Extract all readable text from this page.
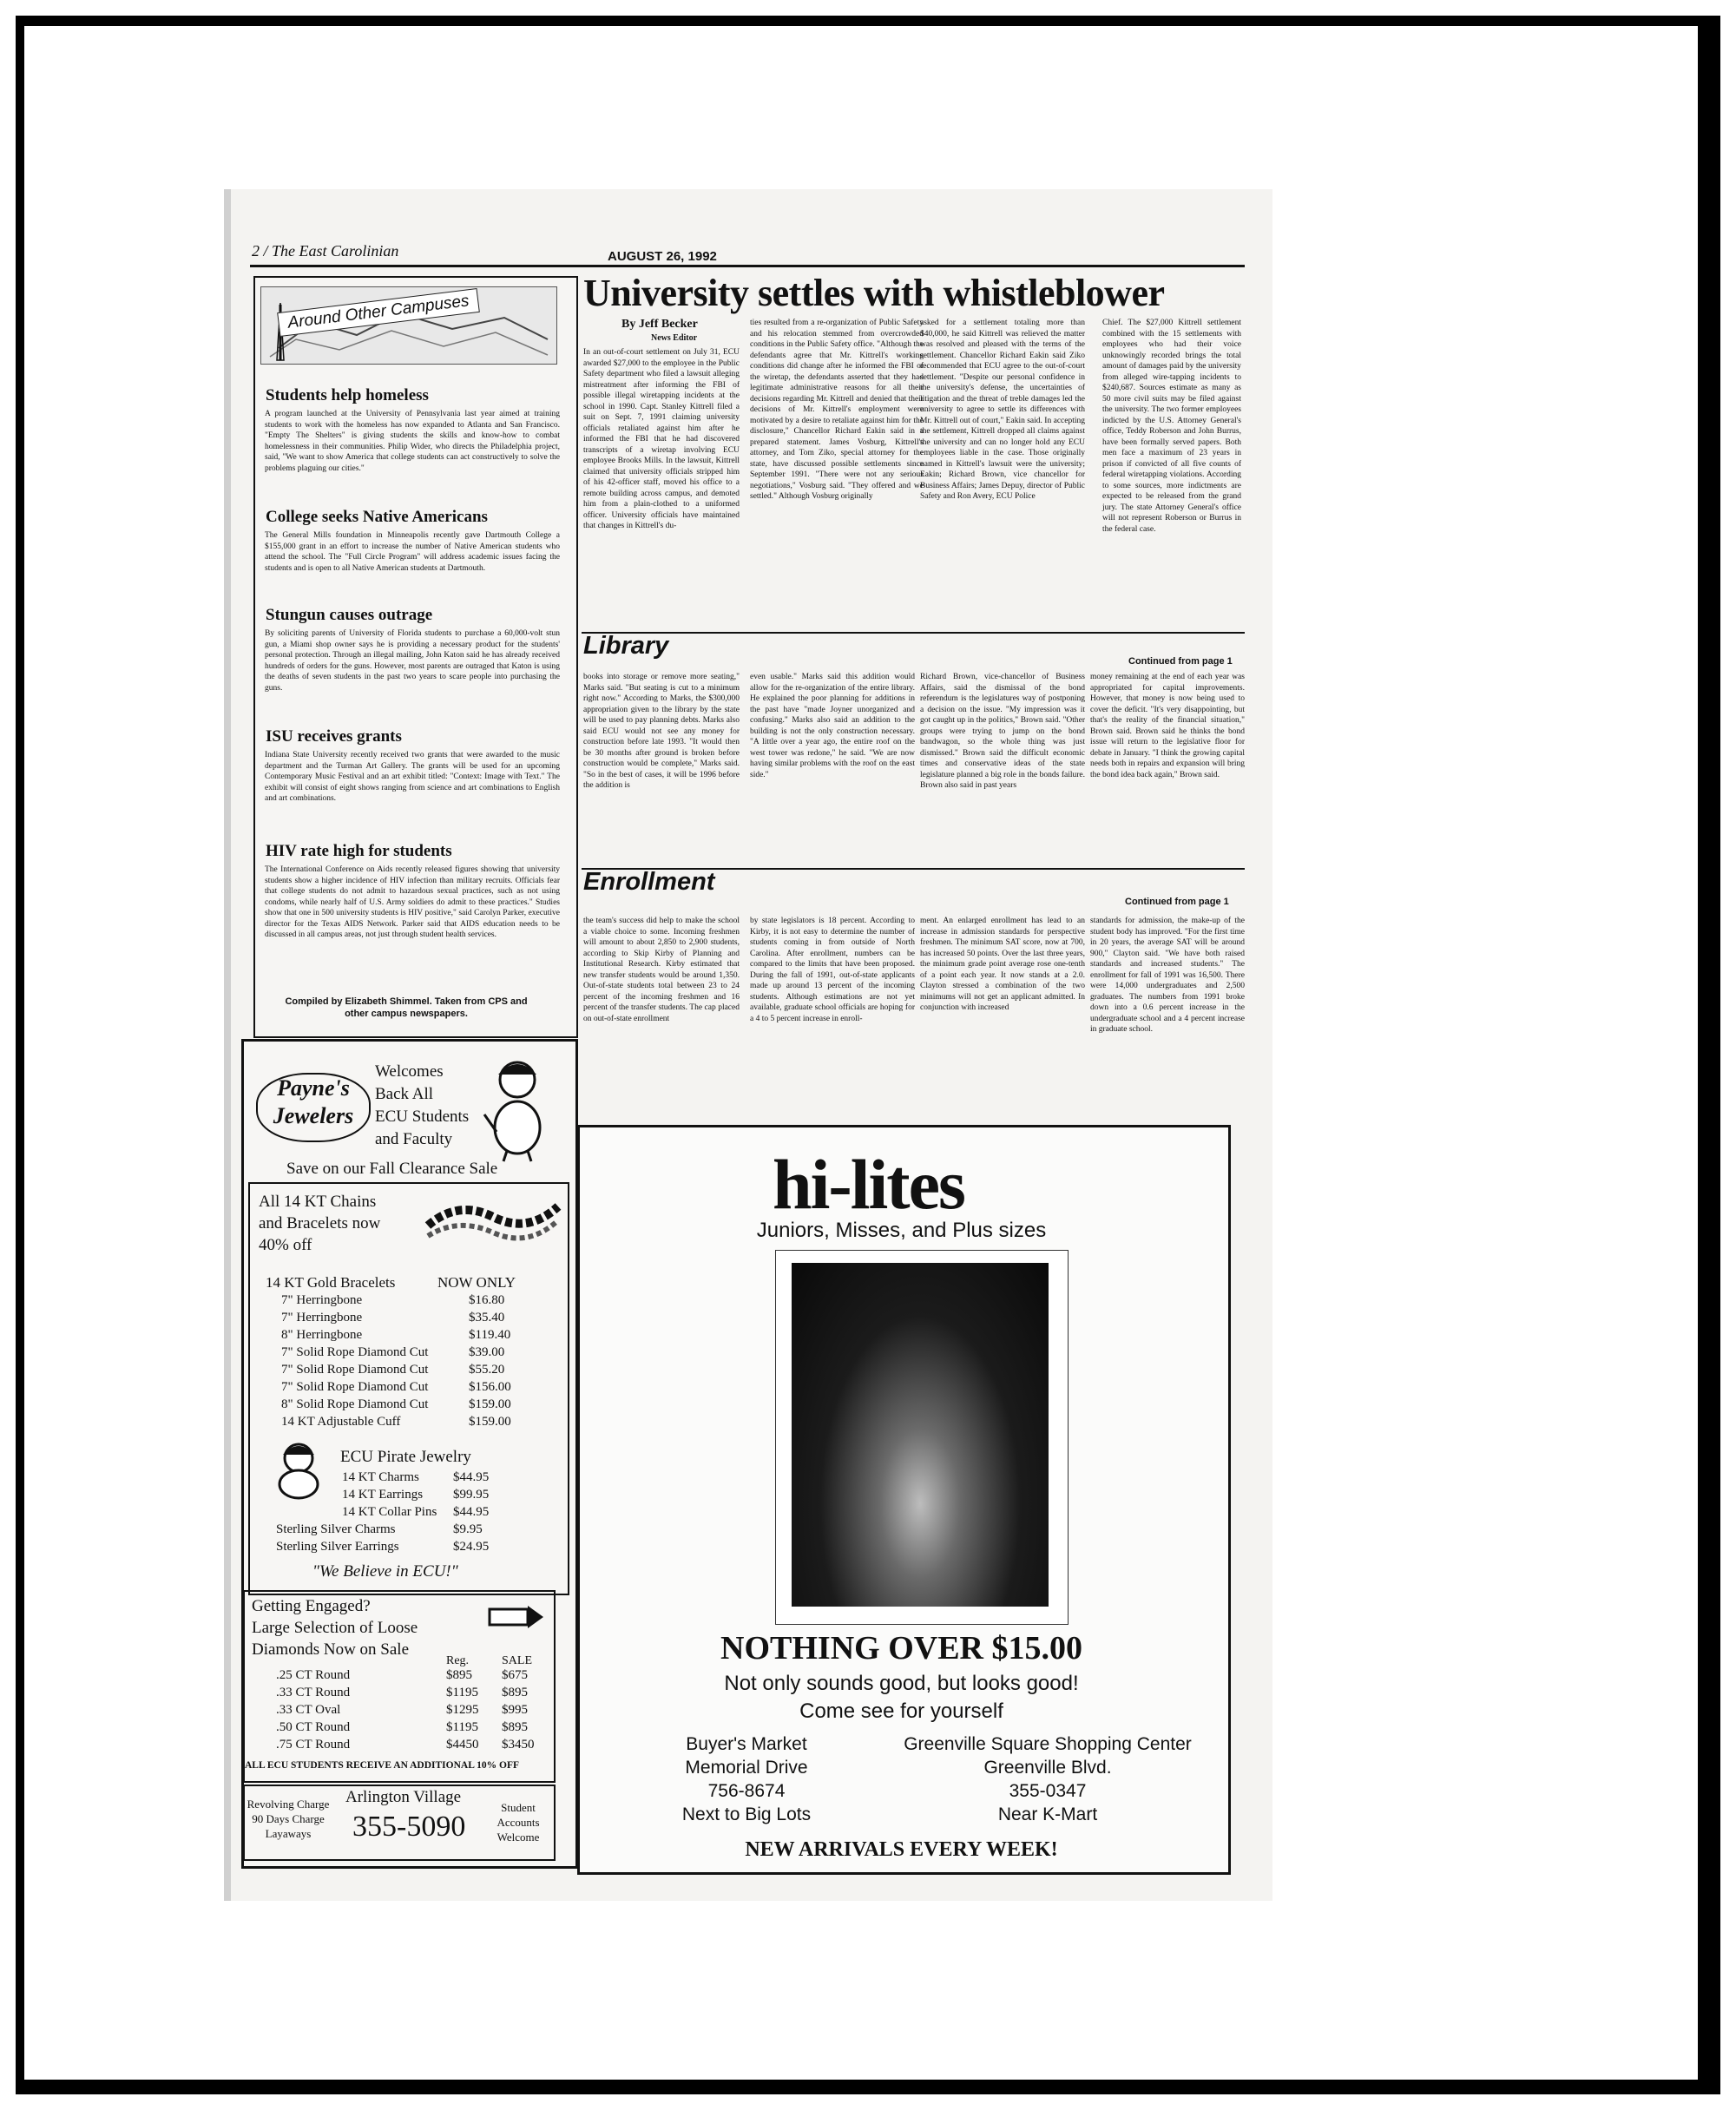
2 / The East Carolinian	AUGUST 26, 1992
Around Other Campuses
Students help homeless
A program launched at the University of Pennsylvania last year aimed at training students to work with the homeless has now expanded to Atlanta and San Francisco. "Empty The Shelters" is giving students the skills and know-how to combat homelessness in their communities. Philip Wider, who directs the Philadelphia project, said, "We want to show America that college students can act constructively to solve the problems plaguing our cities."
College seeks Native Americans
The General Mills foundation in Minneapolis recently gave Dartmouth College a $155,000 grant in an effort to increase the number of Native American students who attend the school. The "Full Circle Program" will address academic issues facing the students and is open to all Native American students at Dartmouth.
Stungun causes outrage
By soliciting parents of University of Florida students to purchase a 60,000-volt stun gun, a Miami shop owner says he is providing a necessary product for the students' personal protection. Through an illegal mailing, John Katon said he has already received hundreds of orders for the guns. However, most parents are outraged that Katon is using the deaths of seven students in the past two years to scare people into purchasing the guns.
ISU receives grants
Indiana State University recently received two grants that were awarded to the music department and the Turman Art Gallery. The grants will be used for an upcoming Contemporary Music Festival and an art exhibit titled: "Context: Image with Text." The exhibit will consist of eight shows ranging from science and art combinations to English and art combinations.
HIV rate high for students
The International Conference on Aids recently released figures showing that university students show a higher incidence of HIV infection than military recruits. Officials fear that college students do not admit to hazardous sexual practices, such as not using condoms, while nearly half of U.S. Army soldiers do admit to these practices." Studies show that one in 500 university students is HIV positive," said Carolyn Parker, executive director for the Texas AIDS Network. Parker said that AIDS education needs to be discussed in all campus areas, not just through student health services.
Compiled by Elizabeth Shimmel. Taken from CPS and other campus newspapers.
University settles with whistleblower
By Jeff Becker
News Editor
In an out-of-court settlement on July 31, ECU awarded $27,000 to the employee in the Public Safety department who filed a lawsuit alleging mistreatment after informing the FBI of possible illegal wiretapping incidents at the school in 1990. Capt. Stanley Kittrell filed a suit on Sept. 7, 1991 claiming university officials retaliated against him after he informed the FBI that he had discovered transcripts of a wiretap involving ECU employee Brooks Mills. In the lawsuit, Kittrell claimed that university officials stripped him of his 42-officer staff, moved his office to a remote building across campus, and demoted him from a plain-clothed to a uniformed officer. University officials have maintained that changes in Kittrell's du-
ties resulted from a re-organization of Public Safety and his relocation stemmed from overcrowded conditions in the Public Safety office. "Although the defendants agree that Mr. Kittrell's working conditions did change after he informed the FBI of the wiretap, the defendants asserted that they had legitimate administrative reasons for all their decisions regarding Mr. Kittrell and denied that their decisions of Mr. Kittrell's employment were motivated by a desire to retaliate against him for the disclosure," Chancellor Richard Eakin said in a prepared statement. James Vosburg, Kittrell's attorney, and Tom Ziko, special attorney for the state, have discussed possible settlements since September 1991. "There were not any serious negotiations," Vosburg said. "They offered and we settled." Although Vosburg originally
asked for a settlement totaling more than $40,000, he said Kittrell was relieved the matter was resolved and pleased with the terms of the settlement. Chancellor Richard Eakin said Ziko recommended that ECU agree to the out-of-court settlement. "Despite our personal confidence in the university's defense, the uncertainties of litigation and the threat of treble damages led the university to agree to settle its differences with Mr. Kittrell out of court," Eakin said. In accepting the settlement, Kittrell dropped all claims against the university and can no longer hold any ECU employees liable in the case. Those originally named in Kittrell's lawsuit were the university; Eakin; Richard Brown, vice chancellor for Business Affairs; James Depuy, director of Public Safety and Ron Avery, ECU Police
Chief. The $27,000 Kittrell settlement combined with the 15 settlements with employees who had their voice unknowingly recorded brings the total amount of damages paid by the university from alleged wire-tapping incidents to $240,687. Sources estimate as many as 50 more civil suits may be filed against the university. The two former employees indicted by the U.S. Attorney General's office, Teddy Roberson and John Burrus, have been formally served papers. Both men face a maximum of 23 years in prison if convicted of all five counts of federal wiretapping violations. According to some sources, more indictments are expected to be released from the grand jury. The state Attorney General's office will not represent Roberson or Burrus in the federal case.
Library
Continued from page 1
books into storage or remove more seating," Marks said. "But seating is cut to a minimum right now." According to Marks, the $300,000 appropriation given to the library by the state will be used to pay planning debts. Marks also said ECU would not see any money for construction before late 1993. "It would then be 30 months after ground is broken before construction would be complete," Marks said. "So in the best of cases, it will be 1996 before the addition is
even usable." Marks said this addition would allow for the re-organization of the entire library. He explained the poor planning for additions in the past have "made Joyner unorganized and confusing." Marks also said an addition to the building is not the only construction necessary. "A little over a year ago, the entire roof on the west tower was redone," he said. "We are now having similar problems with the roof on the east side."
Richard Brown, vice-chancellor of Business Affairs, said the dismissal of the bond referendum is the legislatures way of postponing a decision on the issue. "My impression was it got caught up in the politics," Brown said. "Other groups were trying to jump on the bond bandwagon, so the whole thing was just dismissed." Brown said the difficult economic times and conservative ideas of the state legislature planned a big role in the bonds failure. Brown also said in past years
money remaining at the end of each year was appropriated for capital improvements. However, that money is now being used to cover the deficit. "It's very disappointing, but that's the reality of the financial situation," Brown said. Brown said he thinks the bond issue will return to the legislative floor for debate in January. "I think the growing capital needs both in repairs and expansion will bring the bond idea back again," Brown said.
Enrollment
Continued from page 1
the team's success did help to make the school a viable choice to some. Incoming freshmen will amount to about 2,850 to 2,900 students, according to Skip Kirby of Planning and Institutional Research. Kirby estimated that new transfer students would be around 1,350. Out-of-state students total between 23 to 24 percent of the incoming freshmen and 16 percent of the transfer students. The cap placed on out-of-state enrollment
by state legislators is 18 percent. According to Kirby, it is not easy to determine the number of students coming in from outside of North Carolina. After enrollment, numbers can be compared to the limits that have been proposed. During the fall of 1991, out-of-state applicants made up around 13 percent of the incoming students. Although estimations are not yet available, graduate school officials are hoping for a 4 to 5 percent increase in enroll-
ment. An enlarged enrollment has lead to an increase in admission standards for perspective freshmen. The minimum SAT score, now at 700, has increased 50 points. Over the last three years, the minimum grade point average rose one-tenth of a point each year. It now stands at a 2.0. Clayton stressed a combination of the two minimums will not get an applicant admitted. In conjunction with increased
standards for admission, the make-up of the student body has improved. "For the first time in 20 years, the average SAT will be around 900," Clayton said. "We have both raised standards and increased students." The enrollment for fall of 1991 was 16,500. There were 14,000 undergraduates and 2,500 graduates. The numbers from 1991 broke down into a 0.6 percent increase in the undergraduate school and a 4 percent increase in graduate school.
Payne's Jewelers
Welcomes
Back All
ECU Students
and Faculty
Save on our Fall Clearance Sale
All 14 KT Chains
and Bracelets now
40% off
14 KT Gold Bracelets	NOW ONLY
7" Herringbone	$16.80
7" Herringbone	$35.40
8" Herringbone	$119.40
7" Solid Rope Diamond Cut	$39.00
7" Solid Rope Diamond Cut	$55.20
7" Solid Rope Diamond Cut	$156.00
8" Solid Rope Diamond Cut	$159.00
14 KT Adjustable Cuff	$159.00
ECU Pirate Jewelry
14 KT Charms	$44.95
14 KT Earrings $99.95
14 KT Collar Pins $44.95
Sterling Silver Charms	$9.95
Sterling Silver Earrings	$24.95
"We Believe in ECU!"
Getting Engaged?
Large Selection of Loose
Diamonds Now on Sale
Reg.	SALE
.25 CT Round	$895 $675
.33 CT Round	$1195 $895
.33 CT Oval	$1295 $995
.50 CT Round	$1195 $895
.75 CT Round	$4450 $3450
ALL ECU STUDENTS RECEIVE AN ADDITIONAL 10% OFF
Revolving Charge
90 Days Charge
Layaways
Arlington Village
355-5090
Student
Accounts
Welcome
hi-lites
Juniors, Misses, and Plus sizes
NOTHING OVER $15.00
Not only sounds good, but looks good!
Come see for yourself
Buyer's Market
Memorial Drive
756-8674
Next to Big Lots
Greenville Square Shopping Center
Greenville Blvd.
355-0347
Near K-Mart
NEW ARRIVALS EVERY WEEK!
